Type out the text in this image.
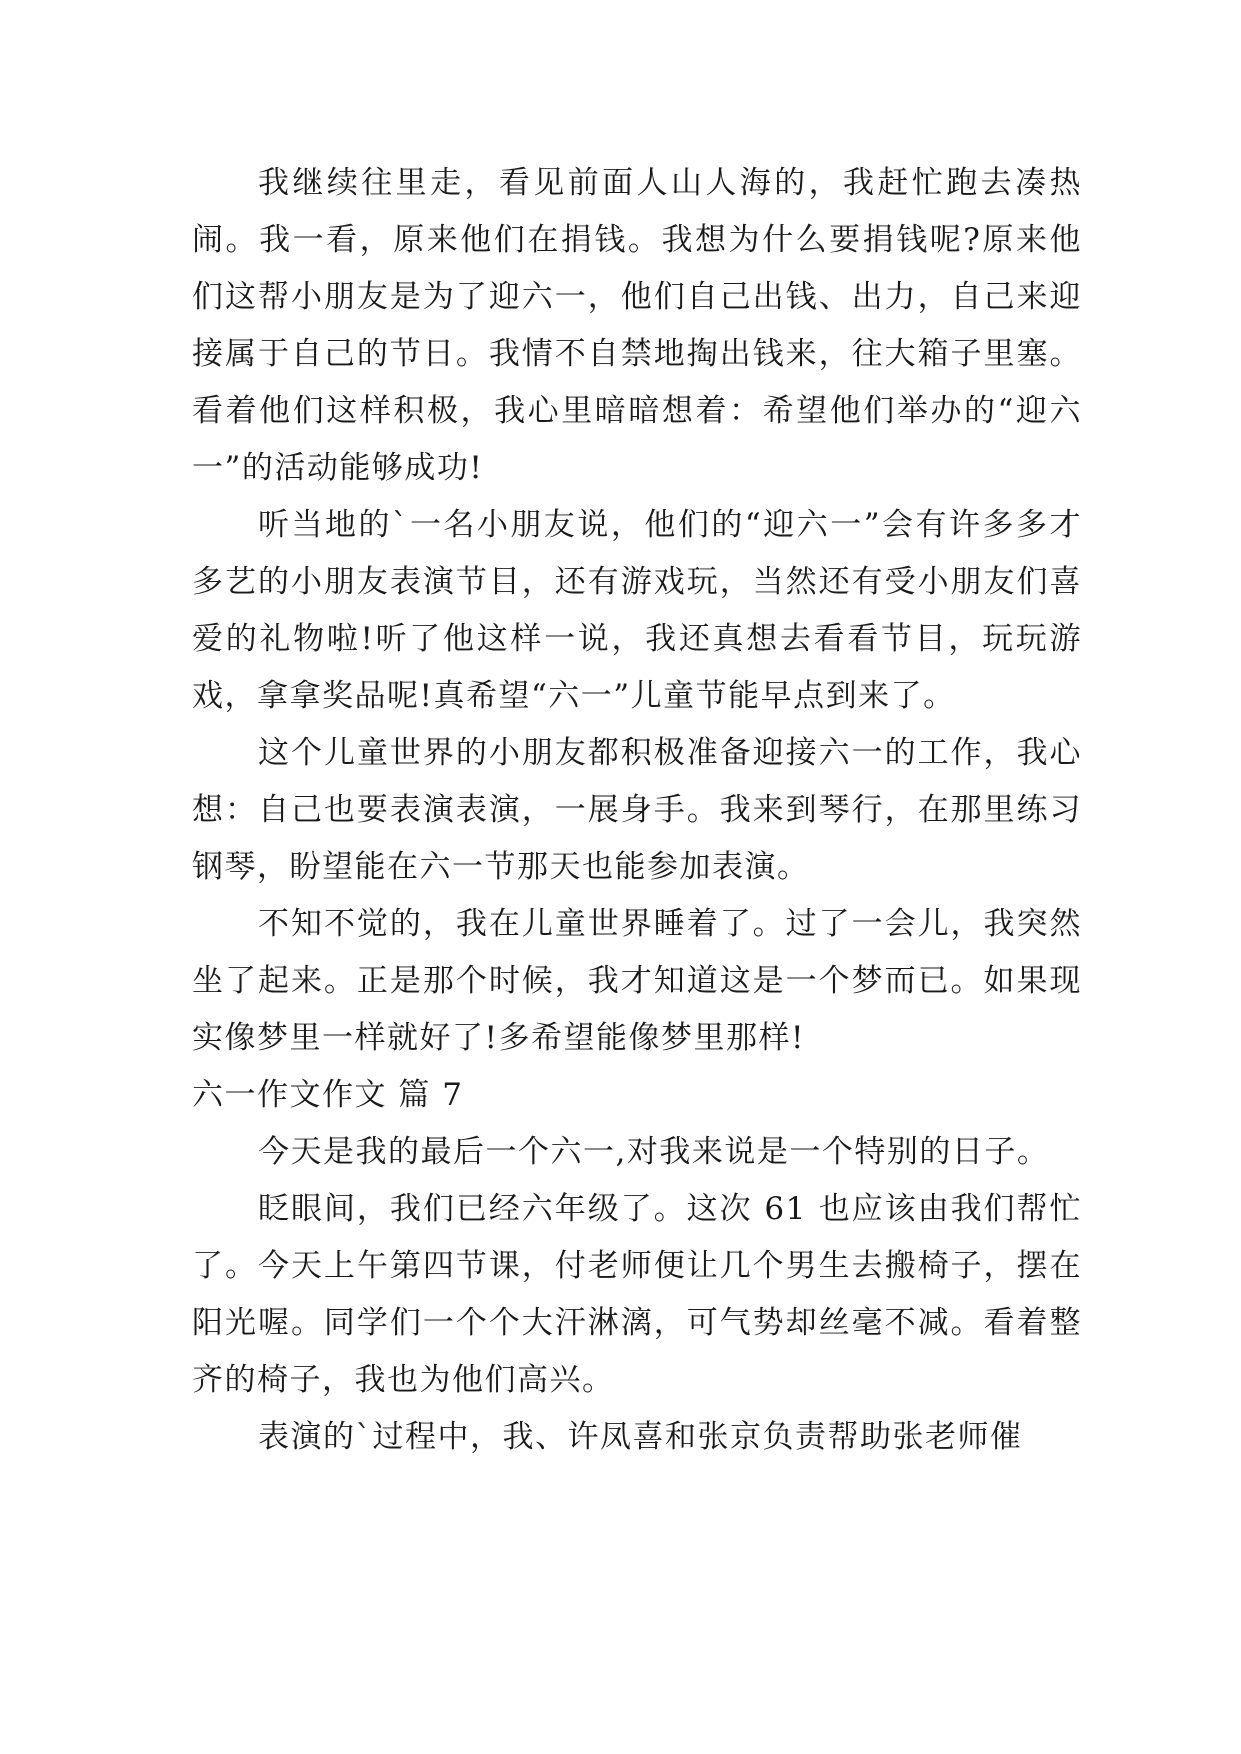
我继续往里走，看见前面人山人海的，我赶忙跑去凑热闹。我一看，原来他们在捐钱。我想为什么要捐钱呢?原来他们这帮小朋友是为了迎六一，他们自己出钱、出力，自己来迎接属于自己的节日。我情不自禁地掏出钱来，往大箱子里塞。看着他们这样积极，我心里暗暗想着：希望他们举办的“迎六一”的活动能够成功!

听当地的`一名小朋友说，他们的“迎六一”会有许多多才多艺的小朋友表演节目，还有游戏玩，当然还有受小朋友们喜爱的礼物啦!听了他这样一说，我还真想去看看节目，玩玩游戏，拿拿奖品呢!真希望“六一”儿童节能早点到来了。

这个儿童世界的小朋友都积极准备迎接六一的工作，我心想：自己也要表演表演，一展身手。我来到琴行，在那里练习钢琴，盼望能在六一节那天也能参加表演。

不知不觉的，我在儿童世界睡着了。过了一会儿，我突然坐了起来。正是那个时候，我才知道这是一个梦而已。如果现实像梦里一样就好了!多希望能像梦里那样!

六一作文作文 篇 7

今天是我的最后一个六一,对我来说是一个特别的日子。

眨眼间，我们已经六年级了。这次 61 也应该由我们帮忙了。今天上午第四节课，付老师便让几个男生去搬椅子，摆在阳光喔。同学们一个个大汗淋漓，可气势却丝毫不减。看着整齐的椅子，我也为他们高兴。

表演的`过程中，我、许凤喜和张京负责帮助张老师催
